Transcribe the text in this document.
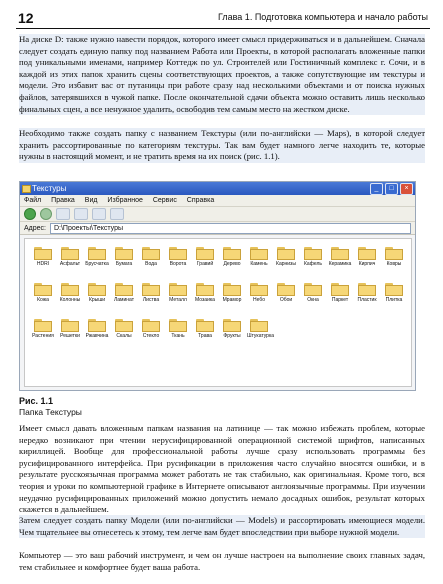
12	Глава 1. Подготовка компьютера и начало работы

На диске D: также нужно навести порядок, которого имеет смысл придерживаться и в дальнейшем. Сначала следует создать единую папку под названием Работа или Проекты, в которой располагать вложенные папки под уникальными именами, например Коттедж по ул. Строителей или Гостиничный комплекс г. Сочи, и в каждой из этих папок хранить сцены соответствующих проектов, а также сопутствующие им текстуры и модели. Это избавит вас от путаницы при работе сразу над несколькими объектами и от поиска нужных файлов, затерявшихся в чужой папке. После окончательной сдачи объекта можно оставить лишь несколько финальных сцен, а все ненужное удалить, освободив тем самым место на жестком диске.

Необходимо также создать папку с названием Текстуры (или по-английски — Maps), в которой следует хранить рассортированные по категориям текстуры. Так вам будет намного легче находить те, которые нужны в настоящий момент, и не тратить время на их поиск (рис. 1.1).

Текстуры	_	□	×
Файл Правка Вид Избранное Сервис Справка
Адрес:	D:\Проекты\Текстуры
HDRI	Асфальт	Брусчатка	Бумага	Вода	Ворота	Гравий	Дерево	Камень	Карнизы	Кафель	Керамика	Кирпич	Ковры
Кожа	Колонны	Крыши	Ламинат	Листва	Металл	Мозаика	Мрамор	Небо	Обои	Окна	Паркет	Пластик	Плитка
Растения	Решетки	Ржавчина	Скалы	Стекло	Ткань	Трава	Фрукты	Штукатурка
Рис. 1.1
Папка Текстуры

Имеет смысл давать вложенным папкам названия на латинице — так можно избежать проблем, которые нередко возникают при чтении нерусифицированной операционной системой шрифтов, написанных кириллицей. Вообще для профессиональной работы лучше сразу использовать программы без русифицированного интерфейса. При русификации в приложения часто случайно вносятся ошибки, и в результате русскоязычная программа может работать не так стабильно, как оригинальная. Кроме того, вся теория и уроки по компьютерной графике в Интернете описывают англоязычные программы. При изучении неудачно русифицированных приложений можно допустить немало досадных ошибок, результат которых скажется в дальнейшем.

Затем следует создать папку Модели (или по-английски — Models) и рассортировать имеющиеся модели. Чем тщательнее вы отнесетесь к этому, тем легче вам будет впоследствии при выборе нужной модели.

Компьютер — это ваш рабочий инструмент, и чем он лучше настроен на выполнение своих главных задач, тем стабильнее и комфортнее будет ваша работа.
